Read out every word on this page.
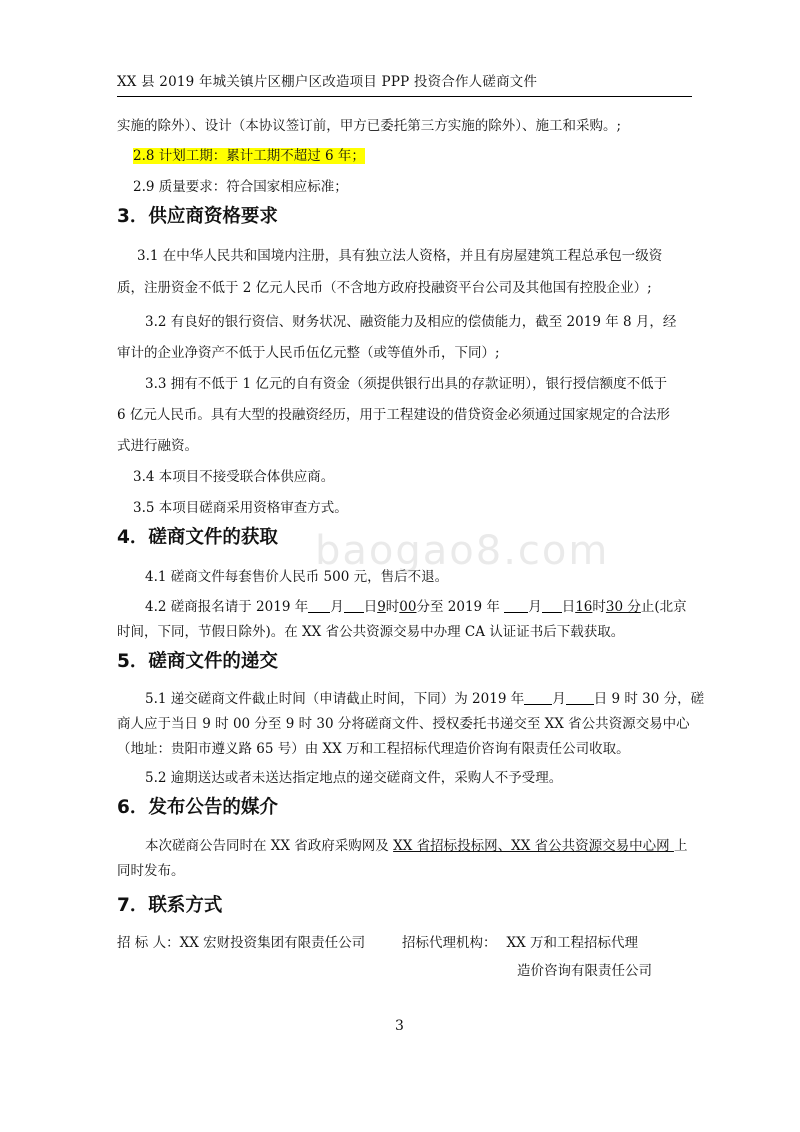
XX 县 2019 年城关镇片区棚户区改造项目 PPP 投资合作人磋商文件
实施的除外）、设计（本协议签订前，甲方已委托第三方实施的除外）、施工和采购。;
2.8 计划工期：累计工期不超过 6 年；
2.9 质量要求：符合国家相应标准；
3．供应商资格要求
3.1 在中华人民共和国境内注册，具有独立法人资格，并且有房屋建筑工程总承包一级资
质，注册资金不低于 2 亿元人民币（不含地方政府投融资平台公司及其他国有控股企业）;
3.2 有良好的银行资信、财务状况、融资能力及相应的偿债能力，截至 2019 年 8 月，经
审计的企业净资产不低于人民币伍亿元整（或等值外币，下同）;
3.3 拥有不低于 1 亿元的自有资金（须提供银行出具的存款证明），银行授信额度不低于
6 亿元人民币。具有大型的投融资经历，用于工程建设的借贷资金必须通过国家规定的合法形
式进行融资。
3.4 本项目不接受联合体供应商。
3.5 本项目磋商采用资格审查方式。
4．磋商文件的获取 baogao8.com
4.1 磋商文件每套售价人民币 500 元，售后不退。
4.2 磋商报名请于 2019 年 月 日9时00分至 2019 年 月 日16时30 分止(北京
时间，下同，节假日除外)。在 XX 省公共资源交易中办理 CA 认证证书后下载获取。
5．磋商文件的递交
5.1 递交磋商文件截止时间（申请截止时间，下同）为 2019 年 月 日 9 时 30 分，磋
商人应于当日 9 时 00 分至 9 时 30 分将磋商文件、授权委托书递交至 XX 省公共资源交易中心
（地址：贵阳市遵义路 65 号）由 XX 万和工程招标代理造价咨询有限责任公司收取。
5.2 逾期送达或者未送达指定地点的递交磋商文件，采购人不予受理。
6．发布公告的媒介
本次磋商公告同时在 XX 省政府采购网及 XX 省招标投标网、XX 省公共资源交易中心网 上
同时发布。
7．联系方式
招 标 人：XX 宏财投资集团有限责任公司	招标代理机构： XX 万和工程招标代理
造价咨询有限责任公司
3
